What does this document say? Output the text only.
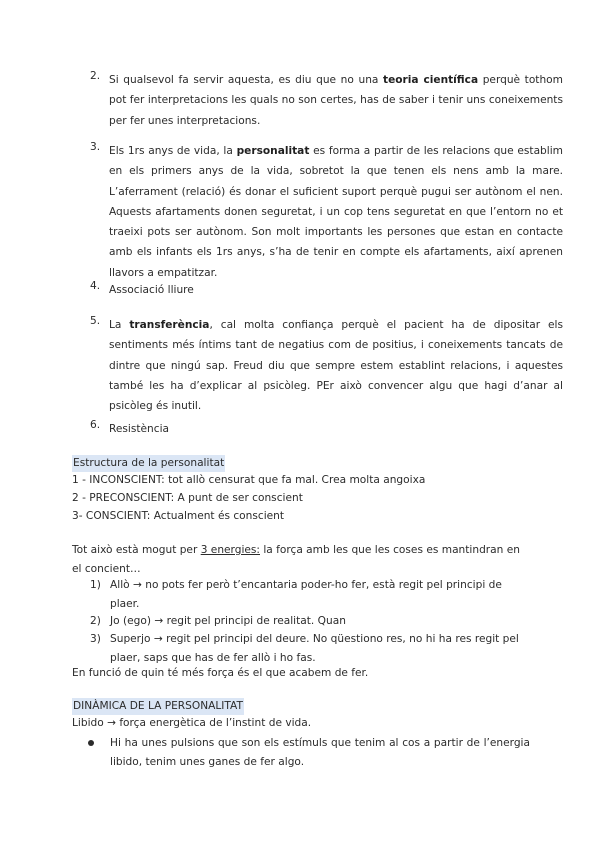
2. Si qualsevol fa servir aquesta, es diu que no una teoria científica perquè tothom pot fer interpretacions les quals no son certes, has de saber i tenir uns coneixements per fer unes interpretacions.
3. Els 1rs anys de vida, la personalitat es forma a partir de les relacions que establim en els primers anys de la vida, sobretot la que tenen els nens amb la mare. L’aferrament (relació) és donar el suficient suport perquè pugui ser autònom el nen. Aquests afartaments donen seguretat, i un cop tens seguretat en que l’entorn no et traeixi pots ser autònom. Son molt importants les persones que estan en contacte amb els infants els 1rs anys, s’ha de tenir en compte els afartaments, així aprenen llavors a empatitzar.
4. Associació lliure
5. La transferència, cal molta confiança perquè el pacient ha de dipositar els sentiments més íntims tant de negatius com de positius, i coneixements tancats de dintre que ningú sap. Freud diu que sempre estem establint relacions, i aquestes també les ha d’explicar al psicòleg. PEr això convencer algu que hagi d’anar al psicòleg és inutil.
6. Resistència
Estructura de la personalitat
1 - INCONSCIENT: tot allò censurat que fa mal. Crea molta angoixa
2 - PRECONSCIENT: A punt de ser conscient
3- CONSCIENT: Actualment és conscient
Tot això està mogut per 3 energies: la força amb les que les coses es mantindran en el concient…
1) Allò → no pots fer però t’encantaria poder-ho fer, està regit pel principi de plaer.
2) Jo (ego) → regit pel principi de realitat. Quan
3) Superjo → regit pel principi del deure. No qüestiono res, no hi ha res regit pel plaer, saps que has de fer allò i ho fas.
En funció de quin té més força és el que acabem de fer.
DINÀMICA DE LA PERSONALITAT
Libido → força energètica de l’instint de vida.
Hi ha unes pulsions que son els estímuls que tenim al cos a partir de l’energia libido, tenim unes ganes de fer algo.
